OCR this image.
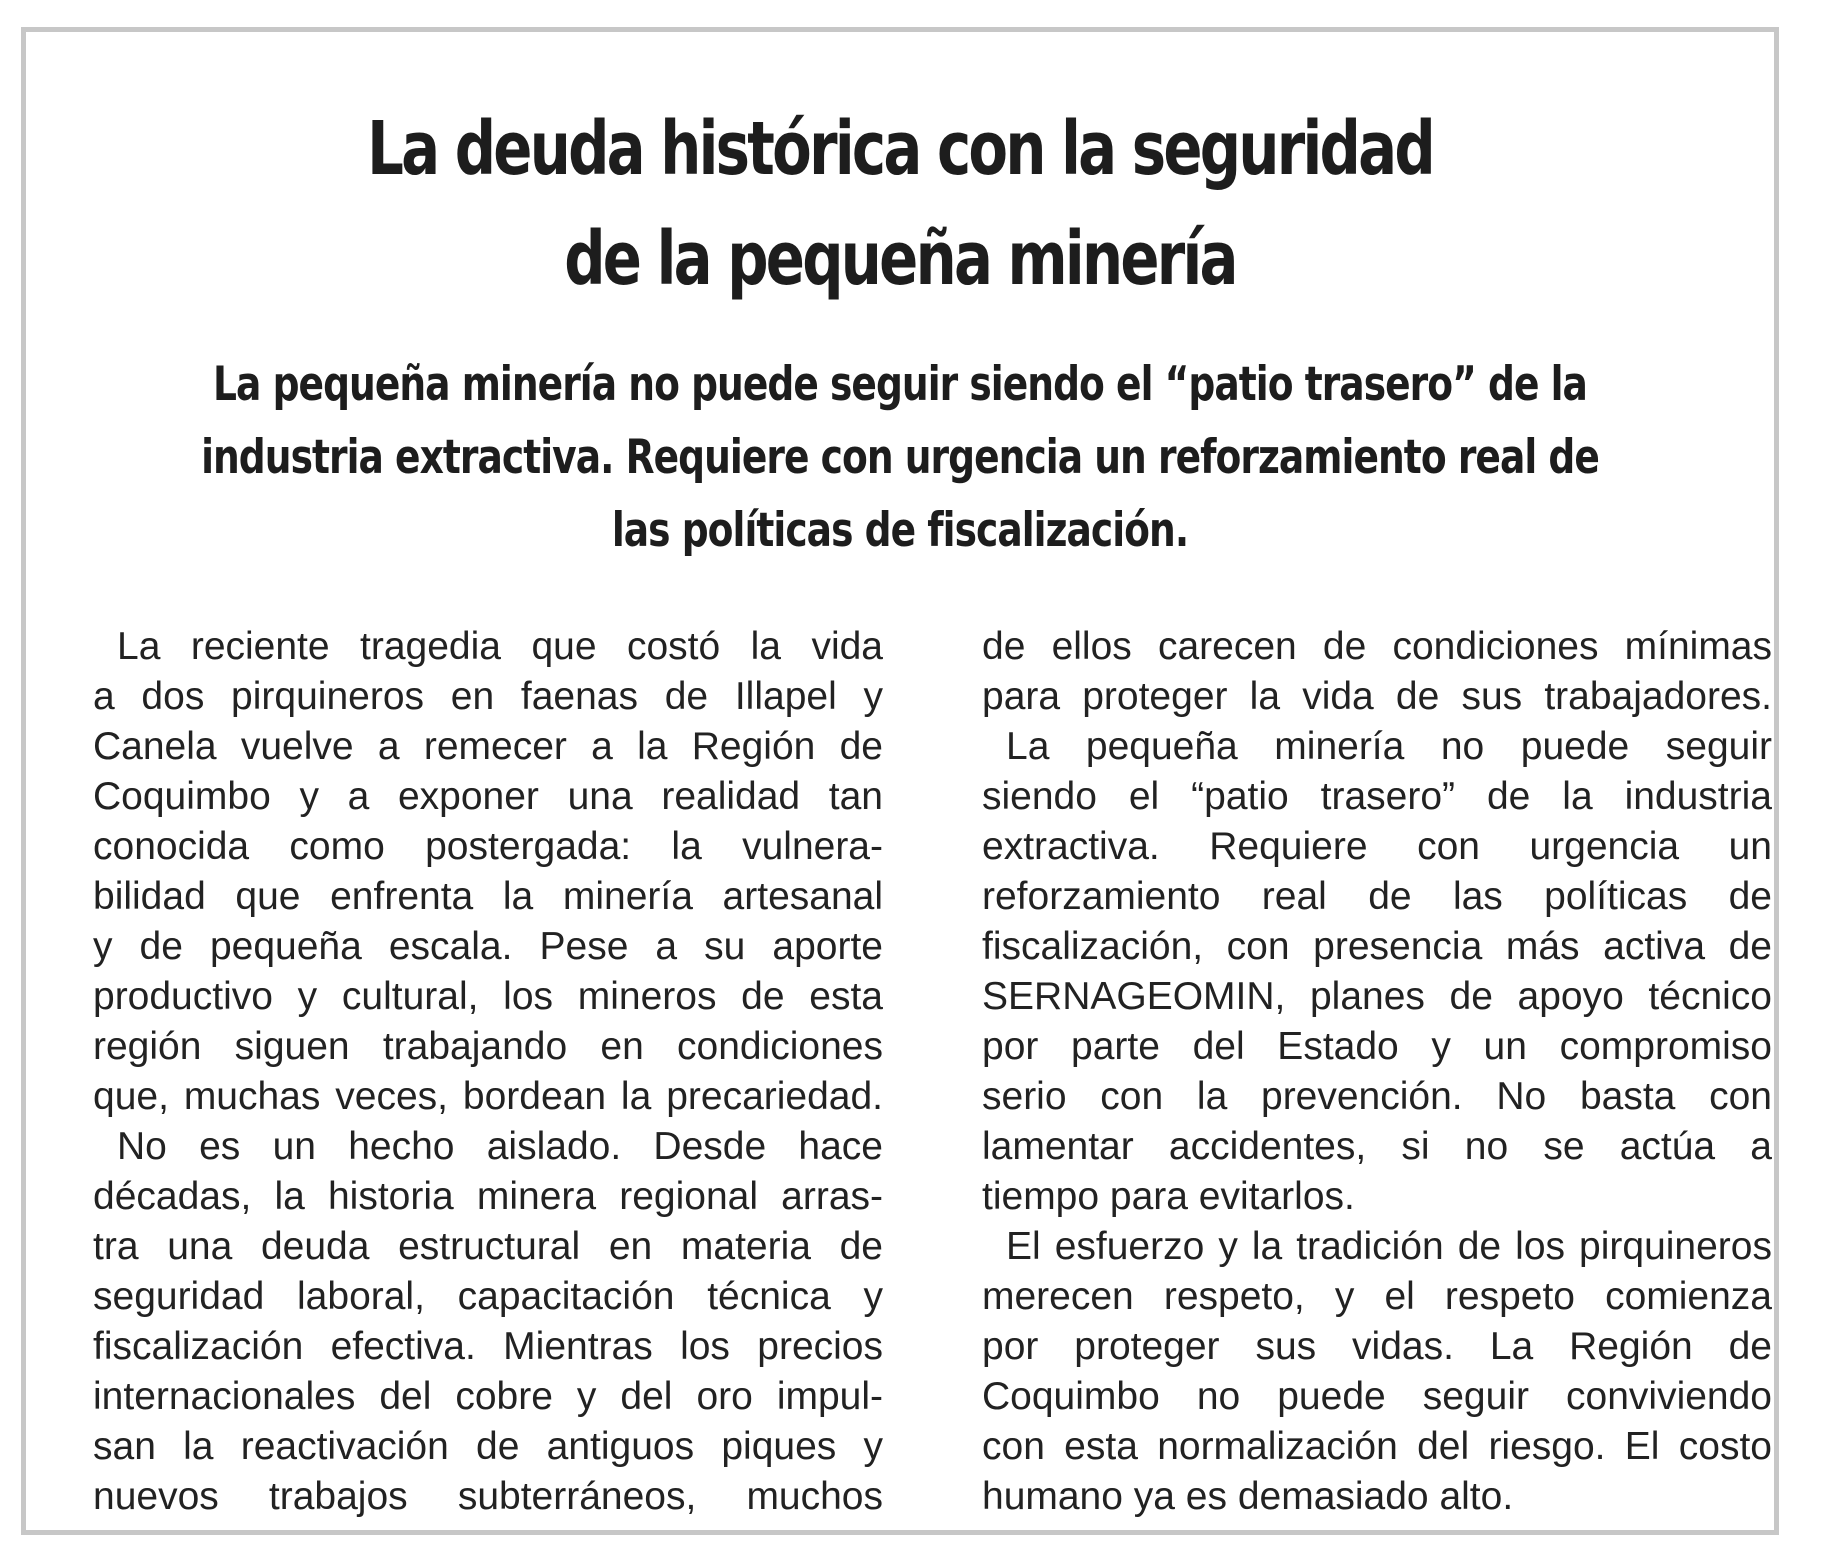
La deuda histórica con la seguridad
de la pequeña minería
La pequeña minería no puede seguir siendo el “patio trasero” de la
industria extractiva. Requiere con urgencia un reforzamiento real de
las políticas de fiscalización.
La reciente tragedia que costó la vida
a dos pirquineros en faenas de Illapel y
Canela vuelve a remecer a la Región de
Coquimbo y a exponer una realidad tan
conocida como postergada: la vulnera-
bilidad que enfrenta la minería artesanal
y de pequeña escala. Pese a su aporte
productivo y cultural, los mineros de esta
región siguen trabajando en condiciones
que, muchas veces, bordean la precariedad.
No es un hecho aislado. Desde hace
décadas, la historia minera regional arras-
tra una deuda estructural en materia de
seguridad laboral, capacitación técnica y
fiscalización efectiva. Mientras los precios
internacionales del cobre y del oro impul-
san la reactivación de antiguos piques y
nuevos trabajos subterráneos, muchos
de ellos carecen de condiciones mínimas
para proteger la vida de sus trabajadores.
La pequeña minería no puede seguir
siendo el “patio trasero” de la industria
extractiva. Requiere con urgencia un
reforzamiento real de las políticas de
fiscalización, con presencia más activa de
SERNAGEOMIN, planes de apoyo técnico
por parte del Estado y un compromiso
serio con la prevención. No basta con
lamentar accidentes, si no se actúa a
tiempo para evitarlos.
El esfuerzo y la tradición de los pirquineros
merecen respeto, y el respeto comienza
por proteger sus vidas. La Región de
Coquimbo no puede seguir conviviendo
con esta normalización del riesgo. El costo
humano ya es demasiado alto.
